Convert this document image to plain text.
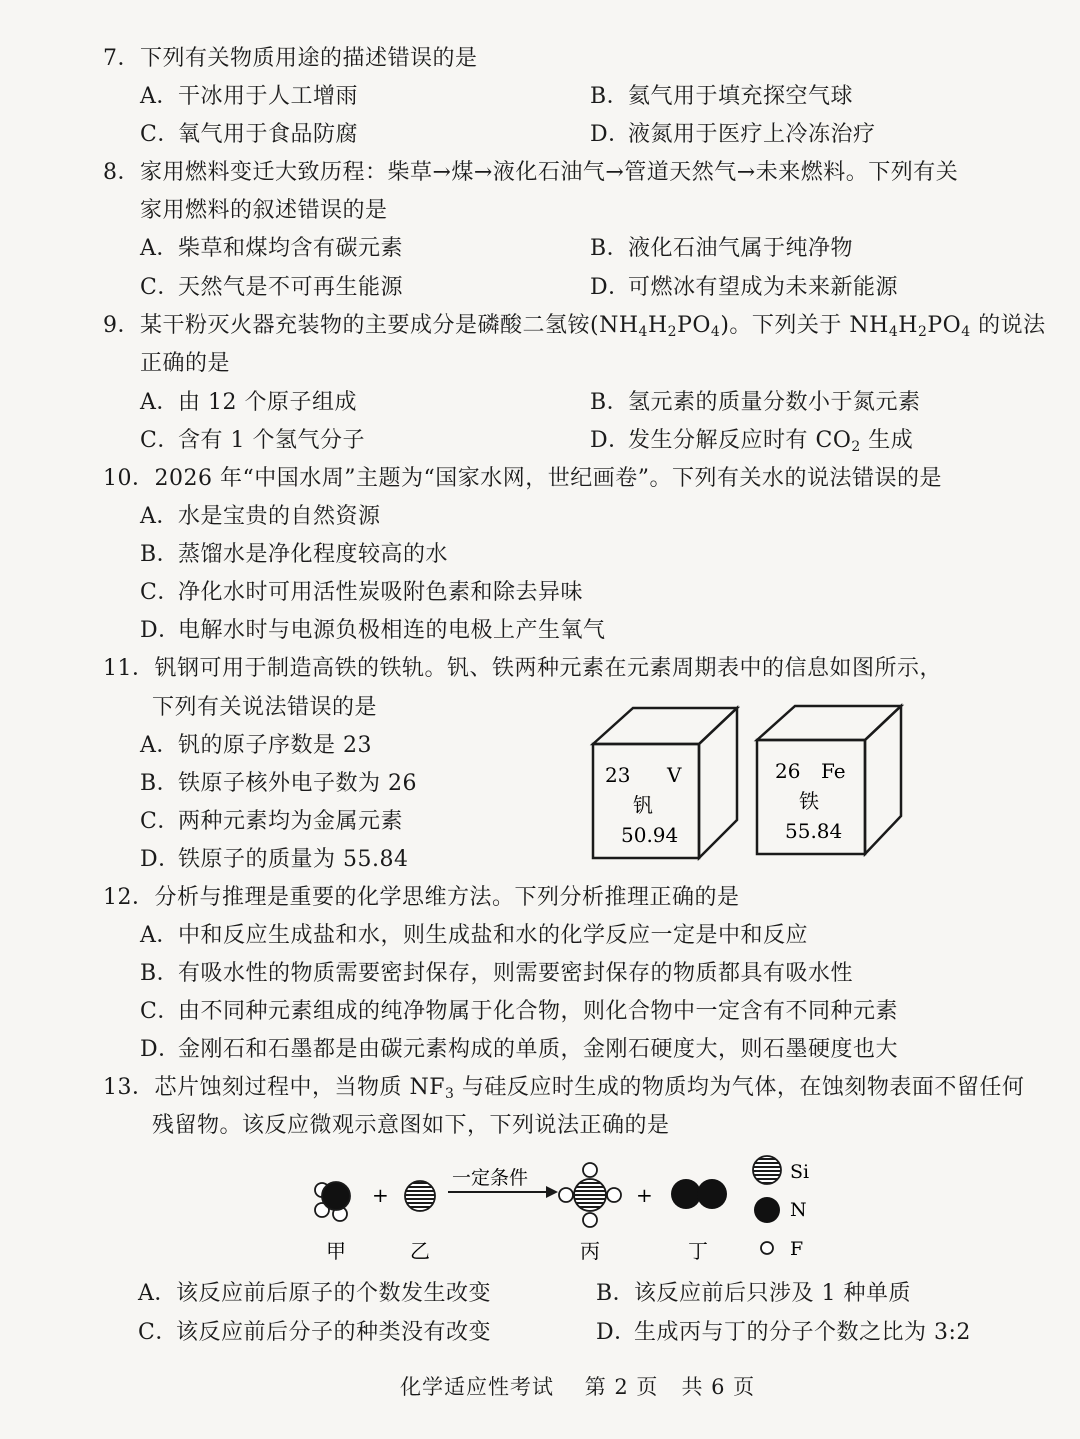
7．下列有关物质用途的描述错误的是
A．干冰用于人工增雨	B．氦气用于填充探空气球
C．氧气用于食品防腐	D．液氮用于医疗上冷冻治疗
8．家用燃料变迁大致历程：柴草→煤→液化石油气→管道天然气→未来燃料。下列有关
家用燃料的叙述错误的是
A．柴草和煤均含有碳元素	B．液化石油气属于纯净物
C．天然气是不可再生能源	D．可燃冰有望成为未来新能源
9．某干粉灭火器充装物的主要成分是磷酸二氢铵$(NH_4H_2PO_4)$。下列关于 $NH_4H_2PO_4$ 的说法
正确的是
A．由 12 个原子组成	B．氢元素的质量分数小于氮元素
C．含有 1 个氢气分子	D．发生分解反应时有 $CO_2$ 生成
10．2026 年“中国水周”主题为“国家水网，世纪画卷”。下列有关水的说法错误的是
A．水是宝贵的自然资源
B．蒸馏水是净化程度较高的水
C．净化水时可用活性炭吸附色素和除去异味
D．电解水时与电源负极相连的电极上产生氧气
11．钒钢可用于制造高铁的铁轨。钒、铁两种元素在元素周期表中的信息如图所示，
下列有关说法错误的是
A．钒的原子序数是 23
B．铁原子核外电子数为 26
C．两种元素均为金属元素
D．铁原子的质量为 55.84
23 V
钒
50.94
26 Fe
铁
55.84
12．分析与推理是重要的化学思维方法。下列分析推理正确的是
A．中和反应生成盐和水，则生成盐和水的化学反应一定是中和反应
B．有吸水性的物质需要密封保存，则需要密封保存的物质都具有吸水性
C．由不同种元素组成的纯净物属于化合物，则化合物中一定含有不同种元素
D．金刚石和石墨都是由碳元素构成的单质，金刚石硬度大，则石墨硬度也大
13．芯片蚀刻过程中，当物质 $NF_3$ 与硅反应时生成的物质均为气体，在蚀刻物表面不留任何
残留物。该反应微观示意图如下，下列说法正确的是
+
一定条件
+
甲	乙	丙	丁
Si
N
F
A．该反应前后原子的个数发生改变	B．该反应前后只涉及 1 种单质
C．该反应前后分子的种类没有改变	D．生成丙与丁的分子个数之比为 3:2
化学适应性考试 第 2 页 共 6 页
